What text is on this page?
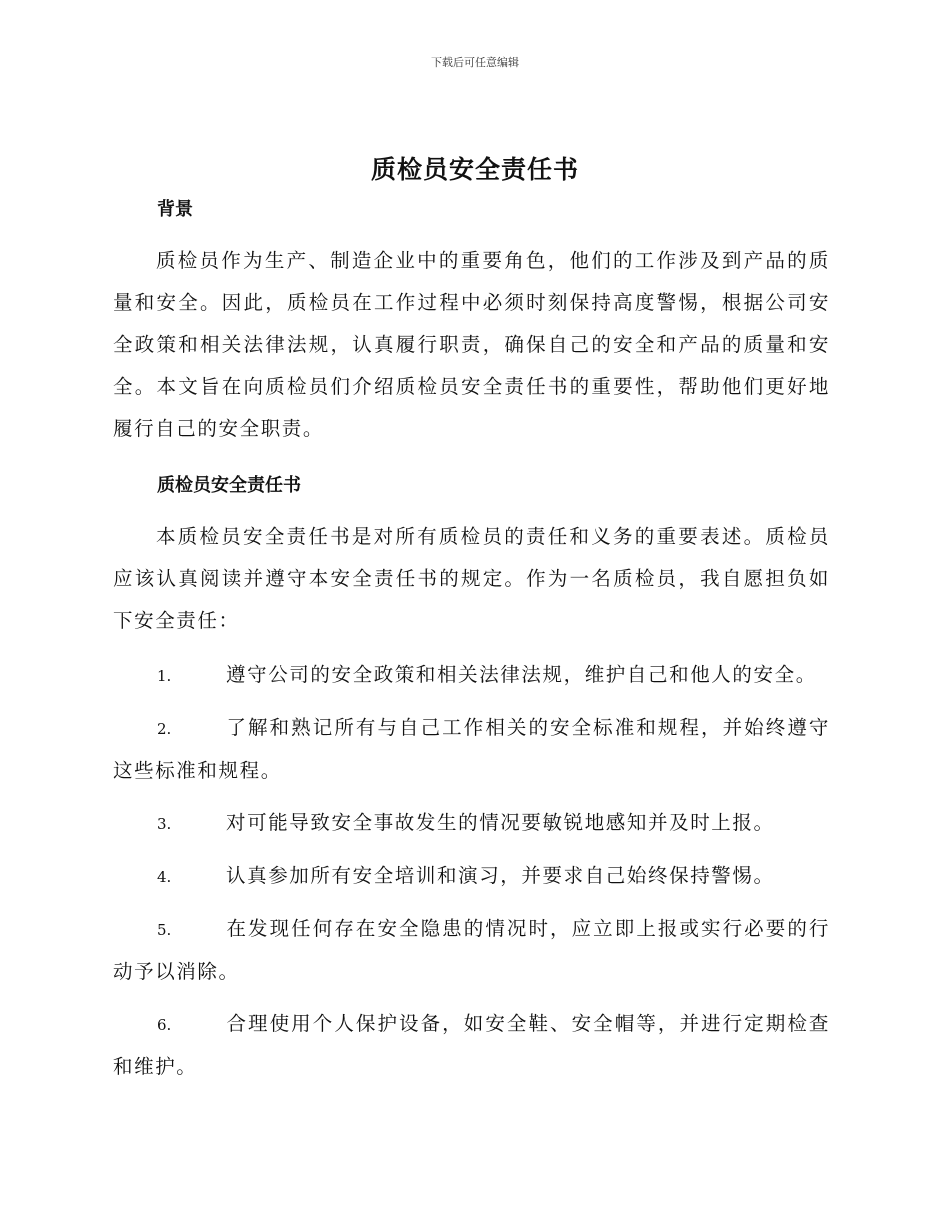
下载后可任意编辑
质检员安全责任书
背景

质检员作为生产、制造企业中的重要角色，他们的工作涉及到产品的质量和安全。因此，质检员在工作过程中必须时刻保持高度警惕，根据公司安全政策和相关法律法规，认真履行职责，确保自己的安全和产品的质量和安全。本文旨在向质检员们介绍质检员安全责任书的重要性，帮助他们更好地履行自己的安全职责。

质检员安全责任书

本质检员安全责任书是对所有质检员的责任和义务的重要表述。质检员应该认真阅读并遵守本安全责任书的规定。作为一名质检员，我自愿担负如下安全责任：

1.	遵守公司的安全政策和相关法律法规，维护自己和他人的安全。
2.	了解和熟记所有与自己工作相关的安全标准和规程，并始终遵守这些标准和规程。
3.	对可能导致安全事故发生的情况要敏锐地感知并及时上报。
4.	认真参加所有安全培训和演习，并要求自己始终保持警惕。
5.	在发现任何存在安全隐患的情况时，应立即上报或实行必要的行动予以消除。
6.	合理使用个人保护设备，如安全鞋、安全帽等，并进行定期检查和维护。
